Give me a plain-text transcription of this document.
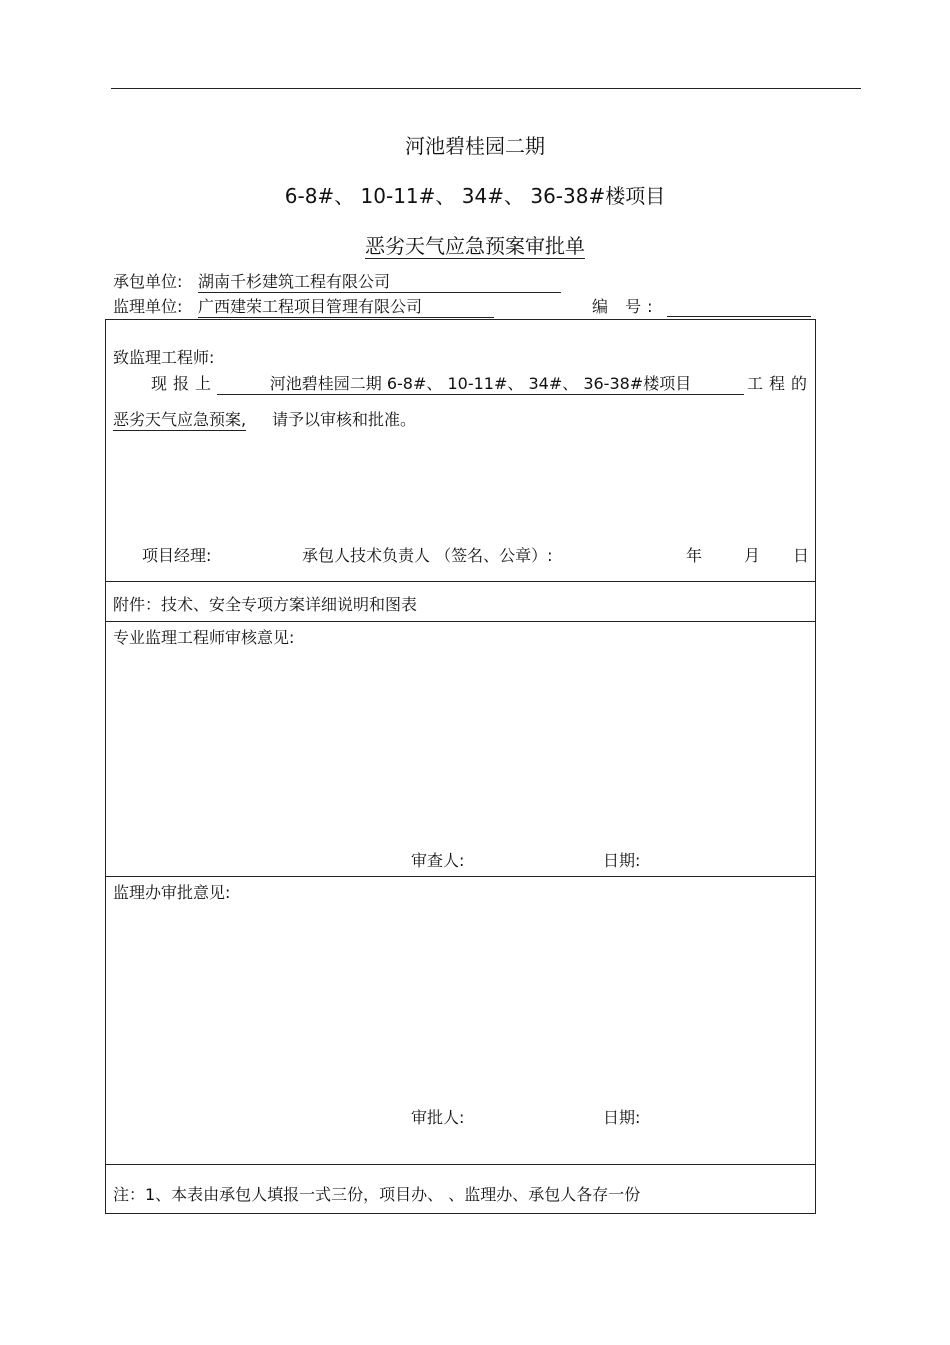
河池碧桂园二期
6-8#、 10-11#、 34#、 36-38#楼项目
恶劣天气应急预案审批单
承包单位: 湖南千杉建筑工程有限公司
监理单位: 广西建荣工程项目管理有限公司	编 号:
致监理工程师:
现报上	河池碧桂园二期 6-8#、 10-11#、 34#、 36-38#楼项目	工程的
恶劣天气应急预案, 请予以审核和批准。
项目经理:	承包人技术负责人 （签名、公章）:	年	月 日
附件：技术、安全专项方案详细说明和图表
专业监理工程师审核意见:
审查人:	日期:
监理办审批意见:
审批人:	日期:
注：1、本表由承包人填报一式三份，项目办、 、监理办、承包人各存一份
